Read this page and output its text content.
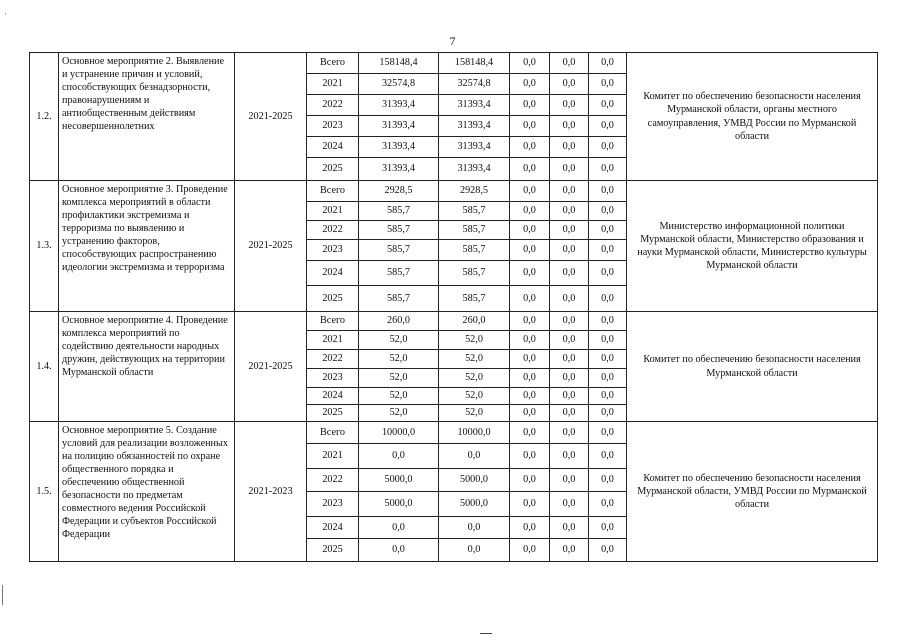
'
7
1.2.	Основное мероприятие 2. Выявление и устранение причин и условий, способствующих безнадзорности, правонарушениям и антиобщественным действиям несовершеннолетних	2021-2025	Всего	158148,4	158148,4	0,0	0,0	0,0	Комитет по обеспечению безопасности населения Мурманской области, органы местного самоуправления, УМВД России по Мурманской области
			2021	32574,8	32574,8	0,0	0,0	0,0	
			2022	31393,4	31393,4	0,0	0,0	0,0	
			2023	31393,4	31393,4	0,0	0,0	0,0	
			2024	31393,4	31393,4	0,0	0,0	0,0	
			2025	31393,4	31393,4	0,0	0,0	0,0	
1.3.	Основное мероприятие 3. Проведение комплекса мероприятий в области профилактики экстремизма и терроризма по выявлению и устранению факторов, способствующих распространению идеологии экстремизма и терроризма	2021-2025	Всего	2928,5	2928,5	0,0	0,0	0,0	Министерство информационной политики Мурманской области, Министерство образования и науки Мурманской области, Министерство культуры Мурманской области
			2021	585,7	585,7	0,0	0,0	0,0	
			2022	585,7	585,7	0,0	0,0	0,0	
			2023	585,7	585,7	0,0	0,0	0,0	
			2024	585,7	585,7	0,0	0,0	0,0	
			2025	585,7	585,7	0,0	0,0	0,0	
1.4.	Основное мероприятие 4. Проведение комплекса мероприятий по содействию деятельности народных дружин, действующих на территории Мурманской области	2021-2025	Всего	260,0	260,0	0,0	0,0	0,0	Комитет по обеспечению безопасности населения Мурманской области
			2021	52,0	52,0	0,0	0,0	0,0	
			2022	52,0	52,0	0,0	0,0	0,0	
			2023	52,0	52,0	0,0	0,0	0,0	
			2024	52,0	52,0	0,0	0,0	0,0	
			2025	52,0	52,0	0,0	0,0	0,0	
1.5.	Основное мероприятие 5. Создание условий для реализации возложенных на полицию обязанностей по охране общественного порядка и обеспечению общественной безопасности по предметам совместного ведения Российской Федерации и субъектов Российской Федерации	2021-2023	Всего	10000,0	10000,0	0,0	0,0	0,0	Комитет по обеспечению безопасности населения Мурманской области, УМВД России по Мурманской области
			2021	0,0	0,0	0,0	0,0	0,0	
			2022	5000,0	5000,0	0,0	0,0	0,0	
			2023	5000,0	5000,0	0,0	0,0	0,0	
			2024	0,0	0,0	0,0	0,0	0,0	
			2025	0,0	0,0	0,0	0,0	0,0	
